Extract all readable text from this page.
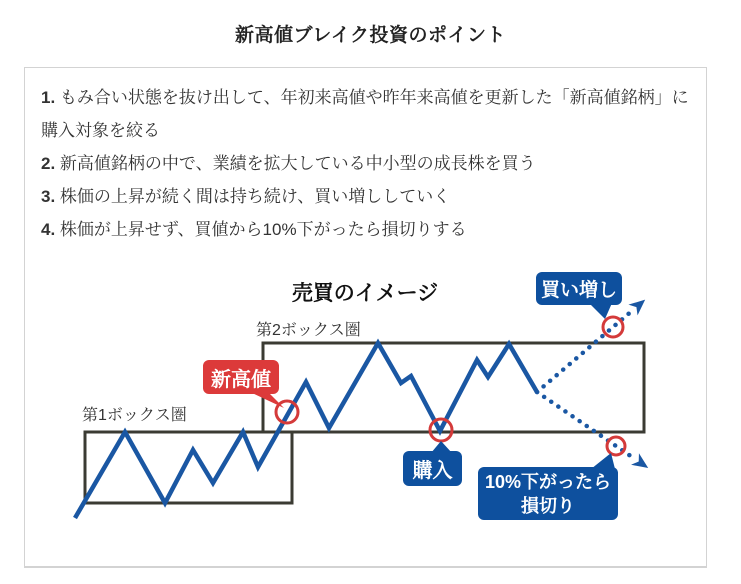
新高値ブレイク投資のポイント
1. もみ合い状態を抜け出して、年初来高値や昨年来高値を更新した「新高値銘柄」に購入対象を絞る
2. 新高値銘柄の中で、業績を拡大している中小型の成長株を買う
3. 株価の上昇が続く間は持ち続け、買い増ししていく
4. 株価が上昇せず、買値から10%下がったら損切りする
売買のイメージ
第2ボックス圏
第1ボックス圏
新高値
買い増し
購入	10%下がったら
損切り
